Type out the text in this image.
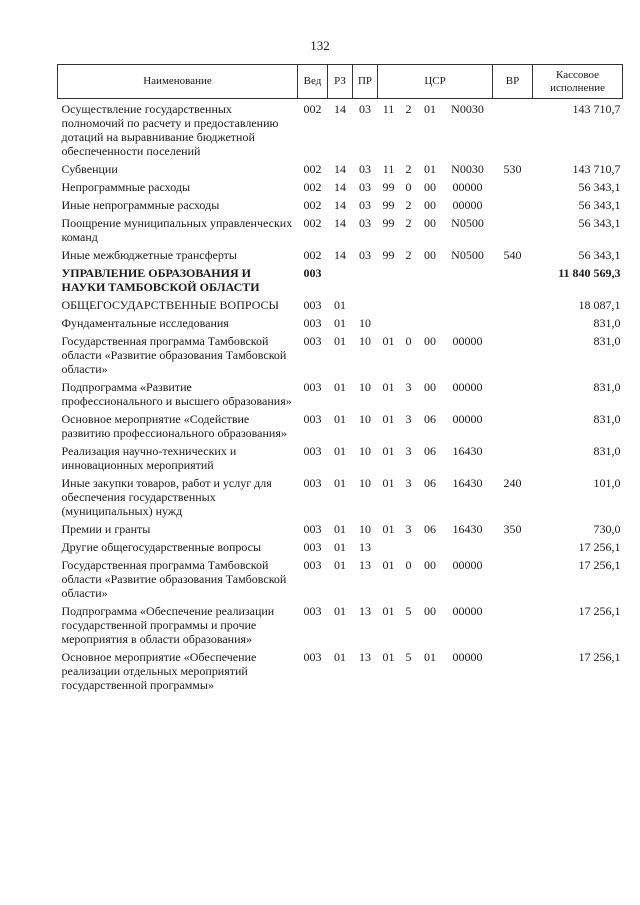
132
Наименование	Вед	РЗ	ПР	ЦСР				ВР	Кассовое исполнение
Осуществление государственных полномочий по расчету и предоставлению дотаций на выравнивание бюджетной обеспеченности поселений	002	14	03	11	2	01	N0030		143 710,7
Субвенции	002	14	03	11	2	01	N0030	530	143 710,7
Непрограммные расходы	002	14	03	99	0	00	00000		56 343,1
Иные непрограммные расходы	002	14	03	99	2	00	00000		56 343,1
Поощрение муниципальных управленческих команд	002	14	03	99	2	00	N0500		56 343,1
Иные межбюджетные трансферты	002	14	03	99	2	00	N0500	540	56 343,1
УПРАВЛЕНИЕ ОБРАЗОВАНИЯ И НАУКИ ТАМБОВСКОЙ ОБЛАСТИ	003								11 840 569,3
ОБЩЕГОСУДАРСТВЕННЫЕ ВОПРОСЫ	003	01							18 087,1
Фундаментальные исследования	003	01	10						831,0
Государственная программа Тамбовской области «Развитие образования Тамбовской области»	003	01	10	01	0	00	00000		831,0
Подпрограмма «Развитие профессионального и высшего образования»	003	01	10	01	3	00	00000		831,0
Основное мероприятие «Содействие развитию профессионального образования»	003	01	10	01	3	06	00000		831,0
Реализация научно-технических и инновационных мероприятий	003	01	10	01	3	06	16430		831,0
Иные закупки товаров, работ и услуг для обеспечения государственных (муниципальных) нужд	003	01	10	01	3	06	16430	240	101,0
Премии и гранты	003	01	10	01	3	06	16430	350	730,0
Другие общегосударственные вопросы	003	01	13						17 256,1
Государственная программа Тамбовской области «Развитие образования Тамбовской области»	003	01	13	01	0	00	00000		17 256,1
Подпрограмма «Обеспечение реализации государственной программы и прочие мероприятия в области образования»	003	01	13	01	5	00	00000		17 256,1
Основное мероприятие «Обеспечение реализации отдельных мероприятий государственной программы»	003	01	13	01	5	01	00000		17 256,1
